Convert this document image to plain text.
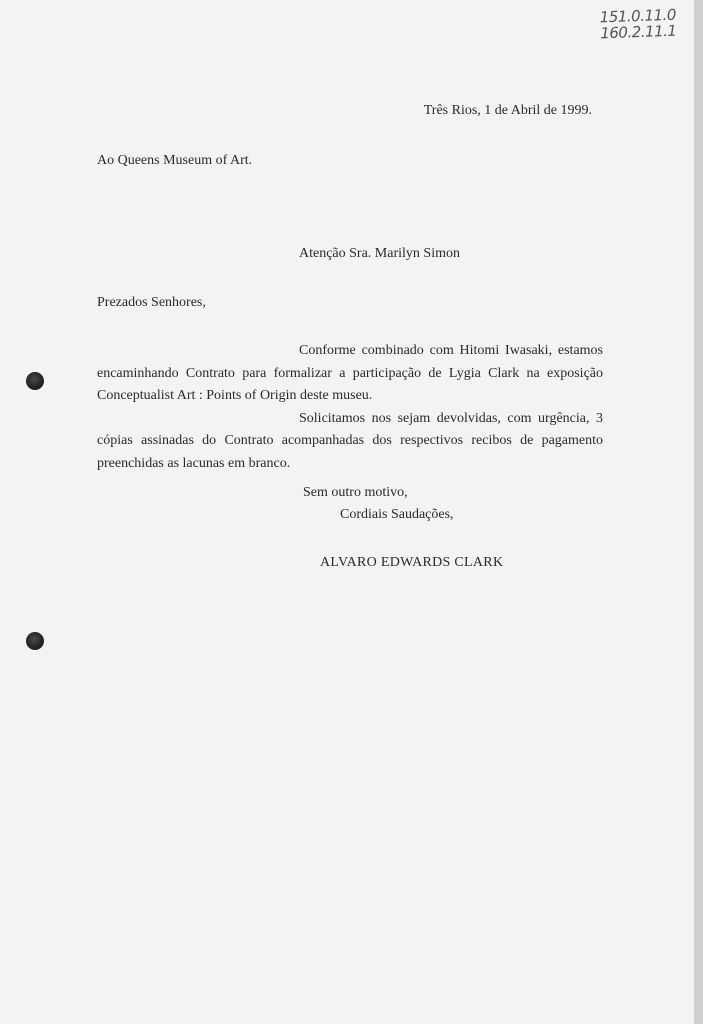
151.0.11.0
160.2.11.1
Três Rios, 1 de Abril de 1999.
Ao Queens Museum of Art.
Atenção Sra. Marilyn Simon
Prezados Senhores,

Conforme combinado com Hitomi Iwasaki, estamos encaminhando Contrato para formalizar a participação de Lygia Clark na exposição Conceptualist Art : Points of Origin deste museu.

Solicitamos nos sejam devolvidas, com urgência, 3 cópias assinadas do Contrato acompanhadas dos respectivos recibos de pagamento preenchidas as lacunas em branco.

Sem outro motivo,
Cordiais Saudações,
ALVARO EDWARDS CLARK
